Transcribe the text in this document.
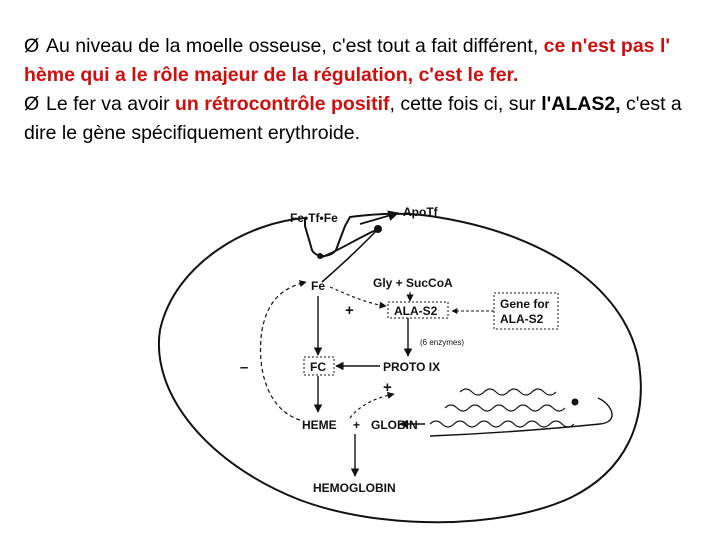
Ø Au niveau de la moelle osseuse, c'est tout a fait différent, ce n'est pas l' hème qui a le rôle majeur de la régulation, c'est le fer.

Ø Le fer va avoir un rétrocontrôle positif, cette fois ci, sur l'ALAS2, c'est a dire le gène spécifiquement erythroide.

Fe•Tf•Fe	ApoTf
Fe
+
Gly + SucCoA
ALA-S2	Gene for
ALA-S2
(6 enzymes)
PROTO IX
FC
–
+
HEME + GLOBIN
HEMOGLOBIN
